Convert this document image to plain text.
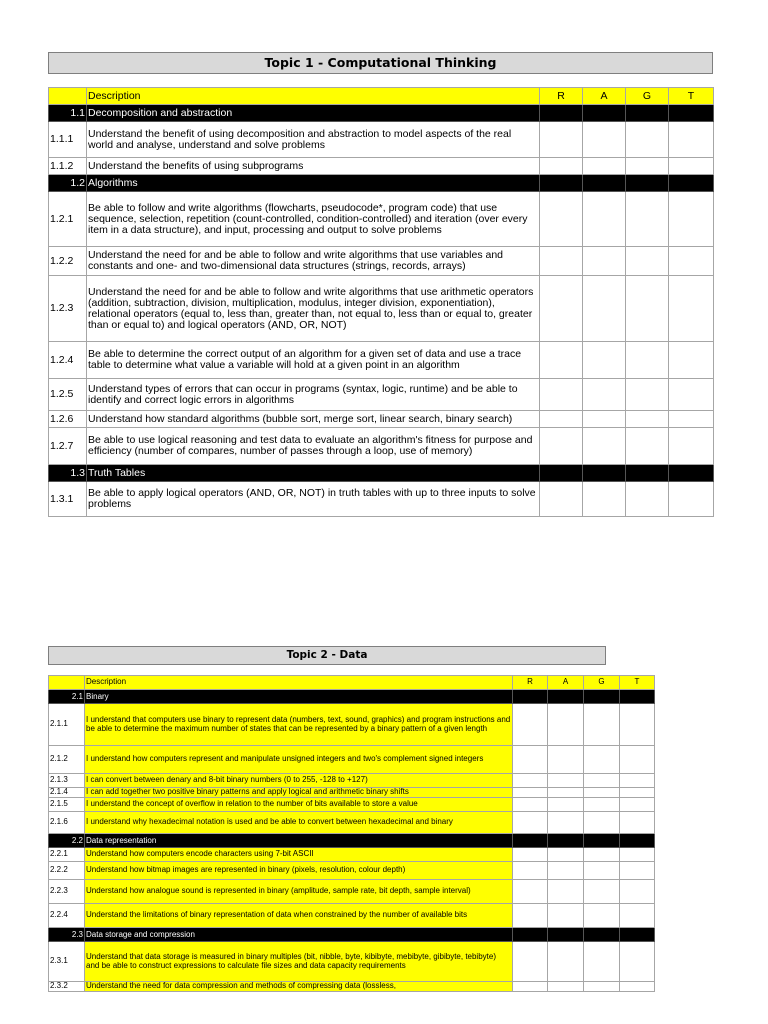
Topic 1 - Computational Thinking
	Description	R	A	G	T
1.1	Decomposition and abstraction				
1.1.1	Understand the benefit of using decomposition and abstraction to model aspects of the real world and analyse, understand and solve problems				
1.1.2	Understand the benefits of using subprograms				
1.2	Algorithms				
1.2.1	Be able to follow and write algorithms (flowcharts, pseudocode*, program code) that use sequence, selection, repetition (count-controlled, condition-controlled) and iteration (over every item in a data structure), and input, processing and output to solve problems				
1.2.2	Understand the need for and be able to follow and write algorithms that use variables and constants and one- and two-dimensional data structures (strings, records, arrays)				
1.2.3	Understand the need for and be able to follow and write algorithms that use arithmetic operators (addition, subtraction, division, multiplication, modulus, integer division, exponentiation), relational operators (equal to, less than, greater than, not equal to, less than or equal to, greater than or equal to) and logical operators (AND, OR, NOT)				
1.2.4	Be able to determine the correct output of an algorithm for a given set of data and use a trace table to determine what value a variable will hold at a given point in an algorithm				
1.2.5	Understand types of errors that can occur in programs (syntax, logic, runtime) and be able to identify and correct logic errors in algorithms				
1.2.6	Understand how standard algorithms (bubble sort, merge sort, linear search, binary search)				
1.2.7	Be able to use logical reasoning and test data to evaluate an algorithm's fitness for purpose and efficiency (number of compares, number of passes through a loop, use of memory)				
1.3	Truth Tables				
1.3.1	Be able to apply logical operators (AND, OR, NOT) in truth tables with up to three inputs to solve problems				
Topic 2 - Data
	Description	R	A	G	T
2.1	Binary				
2.1.1	I understand that computers use binary to represent data (numbers, text, sound, graphics) and program instructions and be able to determine the maximum number of states that can be represented by a binary pattern of a given length				
2.1.2	I understand how computers represent and manipulate unsigned integers and two's complement signed integers				
2.1.3	I can convert between denary and 8-bit binary numbers (0 to 255, -128 to +127)				
2.1.4	I can add together two positive binary patterns and apply logical and arithmetic binary shifts				
2.1.5	I understand the concept of overflow in relation to the number of bits available to store a value				
2.1.6	I understand why hexadecimal notation is used and be able to convert between hexadecimal and binary				
2.2	Data representation				
2.2.1	Understand how computers encode characters using 7-bit ASCII				
2.2.2	Understand how bitmap images are represented in binary (pixels, resolution, colour depth)				
2.2.3	Understand how analogue sound is represented in binary (amplitude, sample rate, bit depth, sample interval)				
2.2.4	Understand the limitations of binary representation of data when constrained by the number of available bits				
2.3	Data storage and compression				
2.3.1	Understand that data storage is measured in binary multiples (bit, nibble, byte, kibibyte, mebibyte, gibibyte, tebibyte) and be able to construct expressions to calculate file sizes and data capacity requirements				
2.3.2	Understand the need for data compression and methods of compressing data (lossless,				
